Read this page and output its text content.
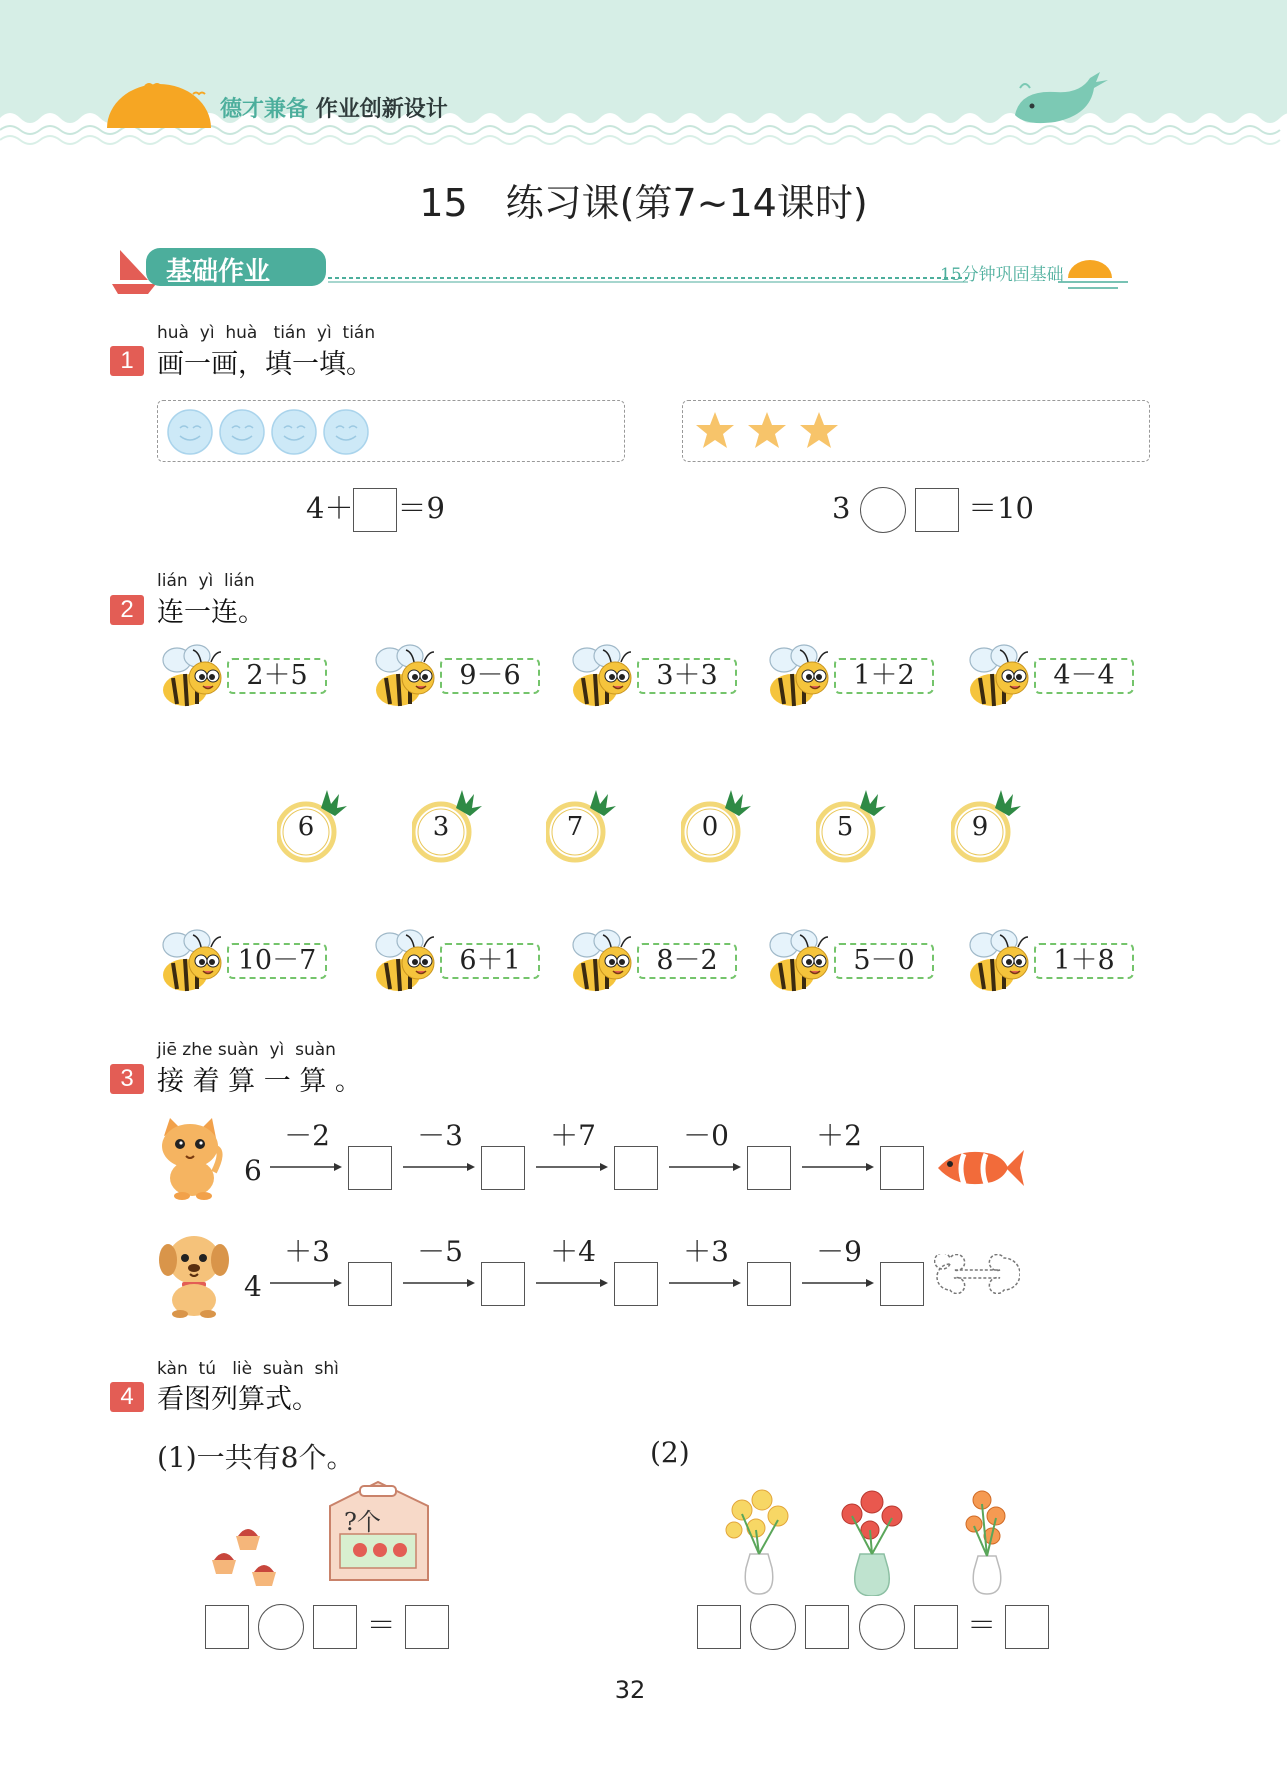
德才兼备 作业创新设计
15　练习课(第7~14课时)
基础作业	15分钟巩固基础
huà  yì  huà   tián  yì  tián
1 画一画，填一填。
4＋ ＝9	3	＝10
lián  yì  lián
2 连一连。
2＋5	9－6	3＋3	1＋2	4－4
6	3	7	0	5	9
10－7	6＋1	8－2	5－0	1＋8
jiē zhe suàn  yì  suàn
3 接 着 算 一 算 。
6
－2	－3	＋7	－0	＋2
4
＋3	－5	＋4	＋3	－9
kàn  tú   liè  suàn  shì
4 看图列算式。
(1)一共有8个。	(2)
?个
＝	＝
32
